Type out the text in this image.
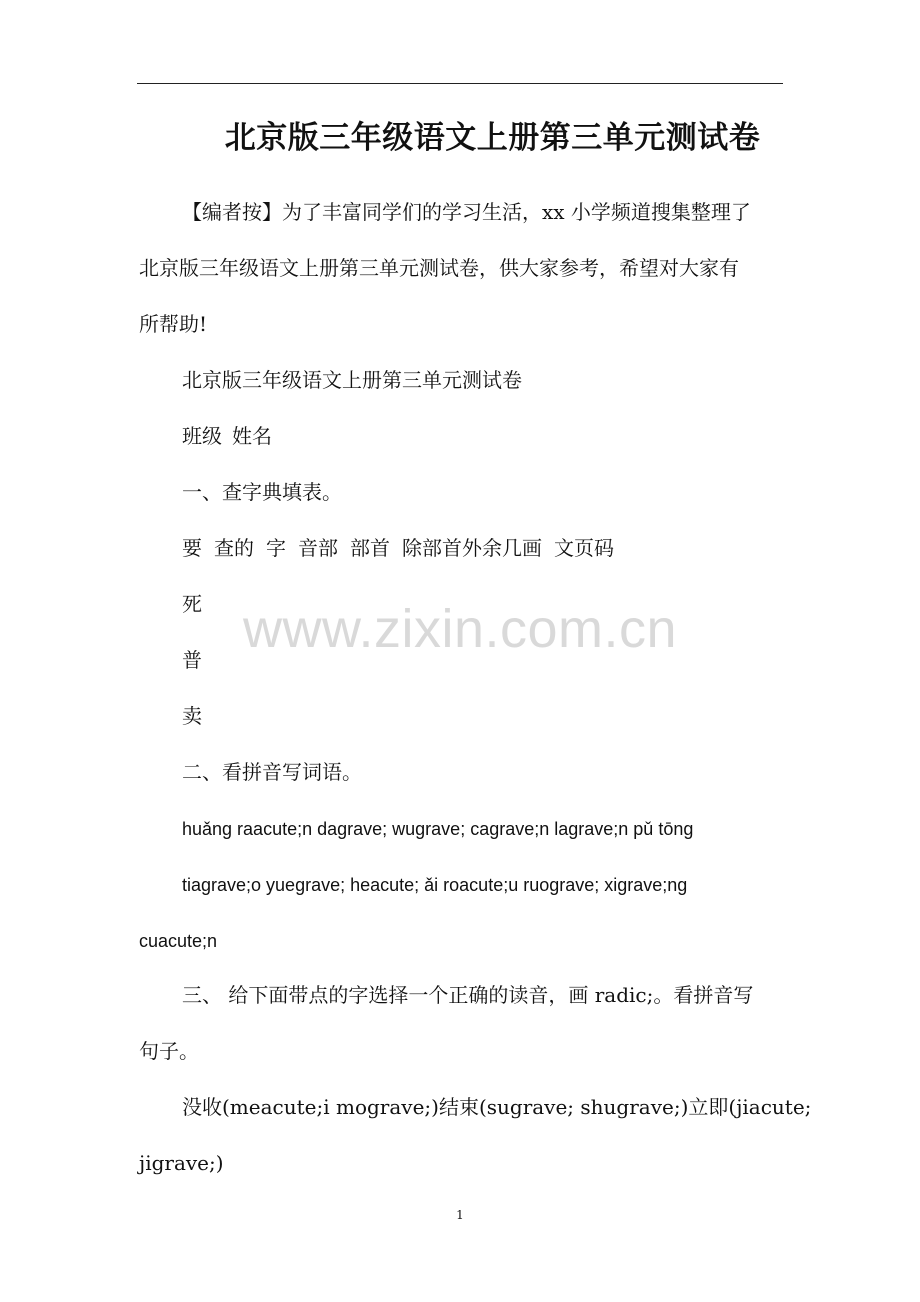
北京版三年级语文上册第三单元测试卷
【编者按】为了丰富同学们的学习生活，xx 小学频道搜集整理了
北京版三年级语文上册第三单元测试卷，供大家参考，希望对大家有
所帮助!
北京版三年级语文上册第三单元测试卷
班级 姓名
一、查字典填表。
要 查的 字 音部 部首 除部首外余几画 文页码
死
普
卖
二、看拼音写词语。
huǎnɡ raacute;n dagrave; wugrave; cagrave;n lagrave;n pǔ tōnɡ
tiagrave;o yuegrave; heacute; ǎi roacute;u ruograve; xigrave;nɡ
cuacute;n
三、 给下面带点的字选择一个正确的读音，画 radic;。看拼音写
句子。
没收(meacute;i mograve;)结束(sugrave; shugrave;)立即(jiacute;
jigrave;)
www.zixin.com.cn
1
